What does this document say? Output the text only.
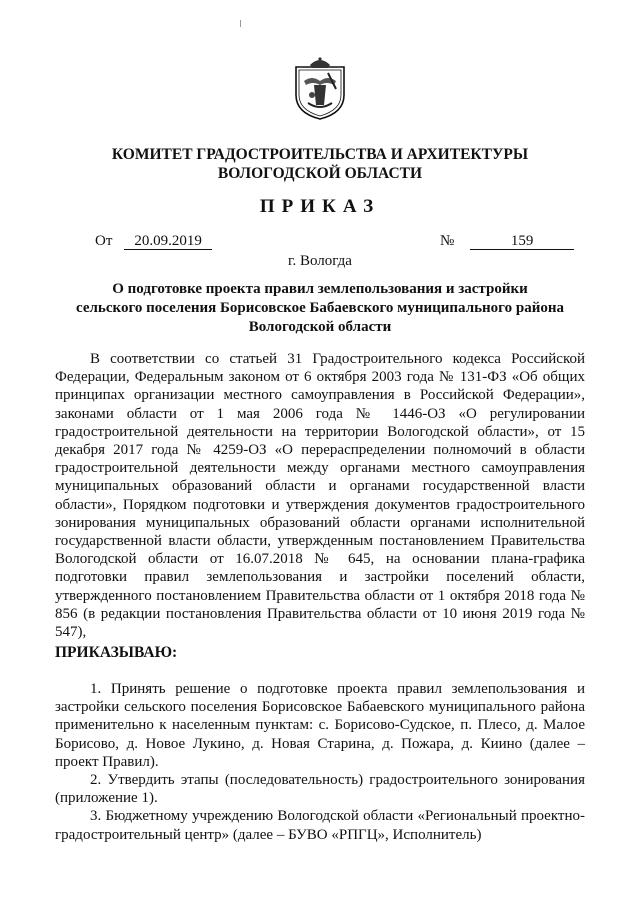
КОМИТЕТ ГРАДОСТРОИТЕЛЬСТВА И АРХИТЕКТУРЫ
ВОЛОГОДСКОЙ ОБЛАСТИ
ПРИКАЗ
От 20.09.2019	№	159
г. Вологда
О подготовке проекта правил землепользования и застройки
сельского поселения Борисовское Бабаевского муниципального района
Вологодской области

В соответствии со статьей 31 Градостроительного кодекса Российской Федерации, Федеральным законом от 6 октября 2003 года № 131-ФЗ «Об общих принципах организации местного самоуправления в Российской Федерации», законами области от 1 мая 2006 года № 1446-ОЗ «О регулировании градостроительной деятельности на территории Вологодской области», от 15 декабря 2017 года № 4259-ОЗ «О перераспределении полномочий в области градостроительной деятельности между органами местного самоуправления муниципальных образований области и органами государственной власти области», Порядком подготовки и утверждения документов градостроительного зонирования муниципальных образований области органами исполнительной государственной власти области, утвержденным постановлением Правительства Вологодской области от 16.07.2018 № 645, на основании плана-графика подготовки правил землепользования и застройки поселений области, утвержденного постановлением Правительства области от 1 октября 2018 года № 856 (в редакции постановления Правительства области от 10 июня 2019 года № 547),

ПРИКАЗЫВАЮ:

1. Принять решение о подготовке проекта правил землепользования и застройки сельского поселения Борисовское Бабаевского муниципального района применительно к населенным пунктам: с. Борисово-Судское, п. Плесо, д. Малое Борисово, д. Новое Лукино, д. Новая Старина, д. Пожара, д. Киино (далее – проект Правил).

2. Утвердить этапы (последовательность) градостроительного зонирования (приложение 1).

3. Бюджетному учреждению Вологодской области «Региональный проектно-градостроительный центр» (далее – БУВО «РПГЦ», Исполнитель)
